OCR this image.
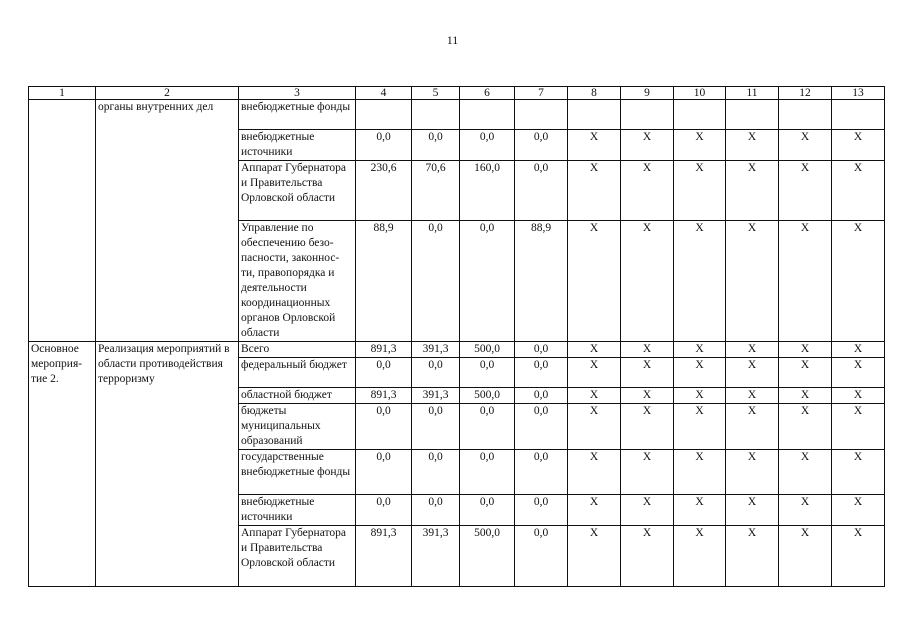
11
1	2	3	4	5	6	7	8	9	10	11	12	13
	органы внутренних дел	внебюджетные фонды										
		внебюджетные источники	0,0	0,0	0,0	0,0	Х	Х	Х	Х	Х	Х
		Аппарат Губернатора и Правительства Орловской области	230,6	70,6	160,0	0,0	Х	Х	Х	Х	Х	Х
		Управление по обеспечению безо- пасности, законнос- ти, правопорядка и деятельности координационных органов Орловской области	88,9	0,0	0,0	88,9	Х	Х	Х	Х	Х	Х
Основное мероприя- тие 2.	Реализация мероприятий в области противодействия терроризму	Всего	891,3	391,3	500,0	0,0	Х	Х	Х	Х	Х	Х
		федеральный бюджет	0,0	0,0	0,0	0,0	Х	Х	Х	Х	Х	Х
		областной бюджет	891,3	391,3	500,0	0,0	Х	Х	Х	Х	Х	Х
		бюджеты муниципальных образований	0,0	0,0	0,0	0,0	Х	Х	Х	Х	Х	Х
		государственные внебюджетные фонды	0,0	0,0	0,0	0,0	Х	Х	Х	Х	Х	Х
		внебюджетные источники	0,0	0,0	0,0	0,0	Х	Х	Х	Х	Х	Х
		Аппарат Губернатора и Правительства Орловской области	891,3	391,3	500,0	0,0	Х	Х	Х	Х	Х	Х
